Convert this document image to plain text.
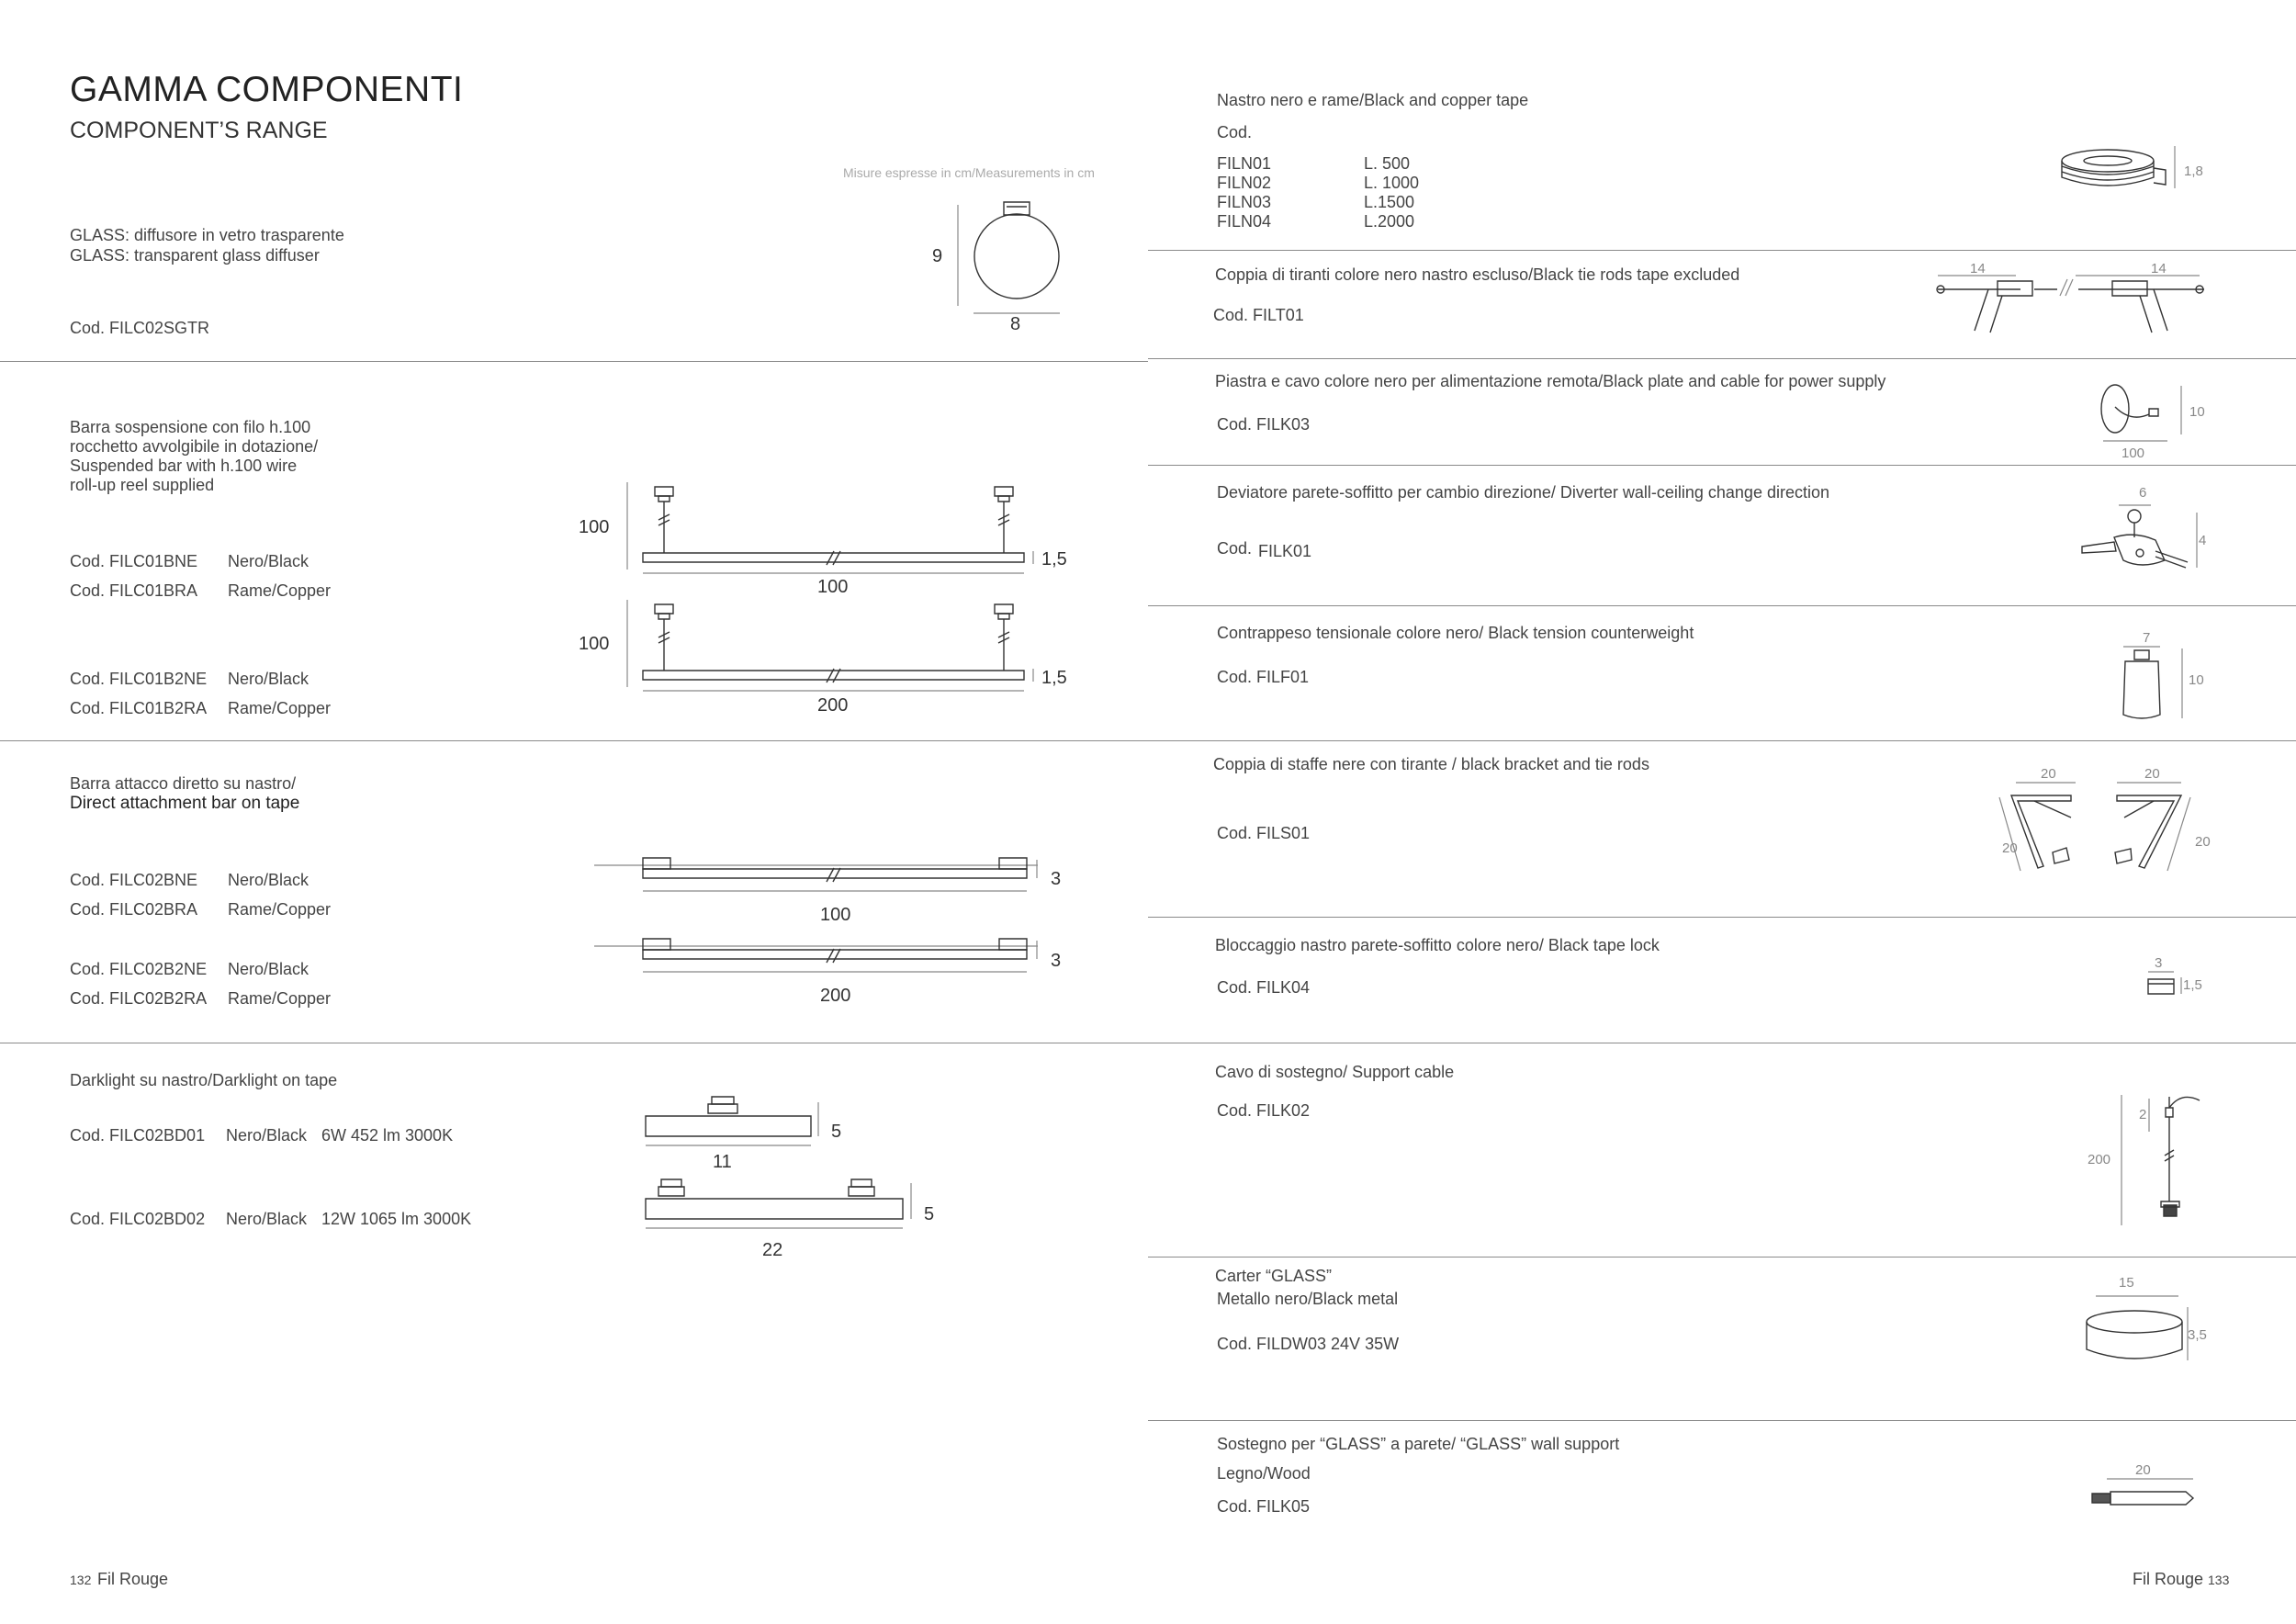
GAMMA COMPONENTI
COMPONENT’S RANGE
Misure espresse in cm/Measurements in cm
GLASS: diffusore in vetro trasparente
GLASS: transparent glass diffuser
Cod. FILC02SGTR
9
8
Barra sospensione con filo h.100
rocchetto avvolgibile in dotazione/
Suspended bar with h.100 wire
roll-up reel supplied
Cod. FILC01BNE Nero/Black
Cod. FILC01BRA Rame/Copper
Cod. FILC01B2NE Nero/Black
Cod. FILC01B2RA Rame/Copper
100
1,5
100
100
1,5
200
Barra attacco diretto su nastro/
Direct attachment bar on tape
Cod. FILC02BNE Nero/Black
Cod. FILC02BRA Rame/Copper
Cod. FILC02B2NE Nero/Black
Cod. FILC02B2RA Rame/Copper
3
100
3
200
Darklight su nastro/Darklight on tape
Cod. FILC02BD01 Nero/Black 6W 452 lm 3000K
Cod. FILC02BD02 Nero/Black 12W 1065 lm 3000K
5
11
5
22
132 Fil Rouge
Nastro nero e rame/Black and copper tape
Cod.
FILN01	L. 500
FILN02	L. 1000
FILN03	L.1500
FILN04	L.2000
1,8
Coppia di tiranti colore nero nastro escluso/Black tie rods tape excluded
Cod. FILT01
14	14
Piastra e cavo colore nero per alimentazione remota/Black plate and cable for power supply
Cod. FILK03
10
100
Deviatore parete-soffitto per cambio direzione/ Diverter wall-ceiling change direction
Cod. FILK01
6
4
Contrappeso tensionale colore nero/ Black tension counterweight
Cod. FILF01
7
10
Coppia di staffe nere con tirante / black bracket and tie rods
Cod. FILS01
20	20
20	20
Bloccaggio nastro parete-soffitto colore nero/ Black tape lock
Cod. FILK04
3
1,5
Cavo di sostegno/ Support cable
Cod. FILK02
200
2
Carter “GLASS”
Metallo nero/Black metal
Cod. FILDW03 24V 35W
15
3,5
Sostegno per “GLASS” a parete/ “GLASS” wall support
Legno/Wood
Cod. FILK05
20
Fil Rouge 133
